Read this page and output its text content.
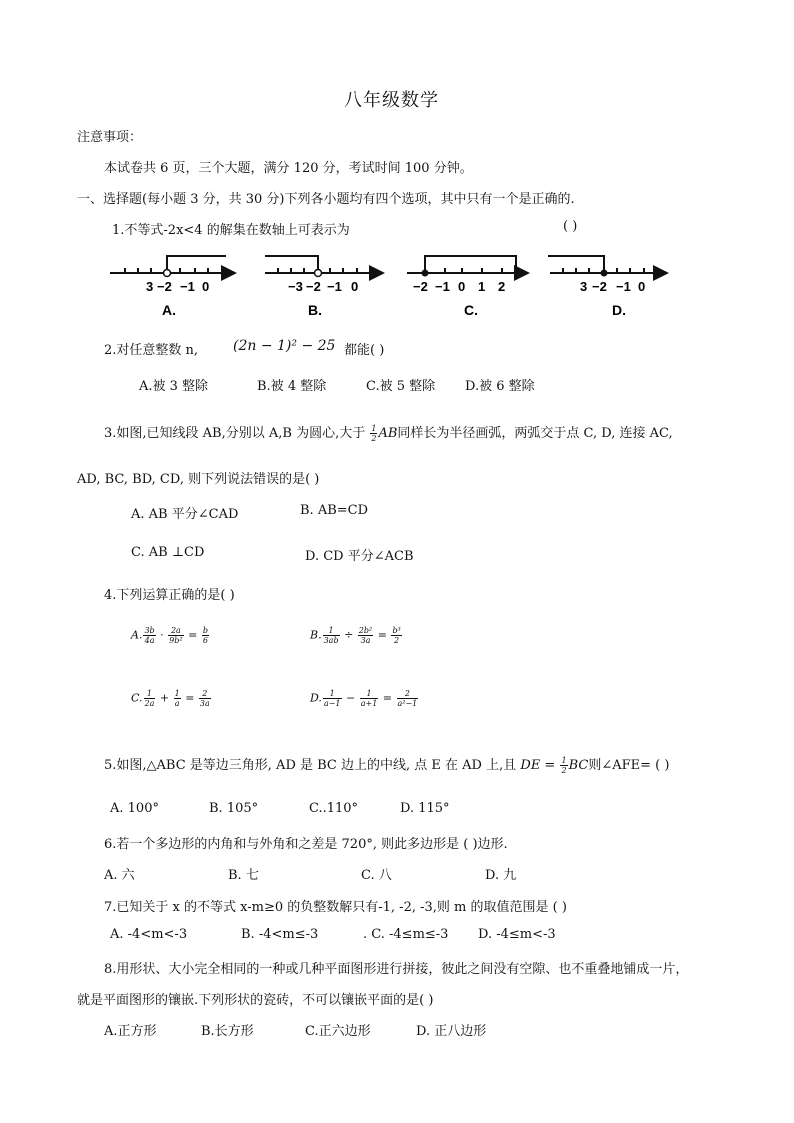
八年级数学
注意事项：
本试卷共 6 页，三个大题，满分 120 分，考试时间 100 分钟。
一、选择题(每小题 3 分，共 30 分)下列各小题均有四个选项，其中只有一个是正确的.
1.不等式-2x<4 的解集在数轴上可表示为	( )
3 −2 −1 0
A.
−3 −2 −1 0
B.
−2 −1 0 1 2
C.
3 −2 −1 0
D.
2.对任意整数 n, (2n − 1)² − 25 都能( )
A.被 3 整除	B.被 4 整除	C.被 5 整除 D.被 6 整除
3.如图,已知线段 AB,分别以 A,B 为圆心,大于 $\frac{1}{2}$ AB同样长为半径画弧，两弧交于点 C, D, 连接 AC,
AD, BC, BD, CD, 则下列说法错误的是( )
A. AB 平分∠CAD	B. AB=CD
C. AB ⊥CD	D. CD 平分∠ACB
4.下列运算正确的是( )
A. $\frac{3b}{4a} \cdot \frac{2a}{\text{9b²}} = \frac{b}{6}$	B. $\frac{1}{3ab} \div \frac{\text{2b²}}{3a} = \frac{\text{b³}}{2}$
C. $\frac{1}{2a} + \frac{1}{a} = \frac{2}{3a}$	D. $\frac{1}{a-1} - \frac{1}{a+1} = \frac{2}{\text{a²−1}}$
5.如图,△ABC 是等边三角形, AD 是 BC 边上的中线, 点 E 在 AD 上,且 DE = $\frac{1}{2}$ BC则∠AFE= ( )
A. 100°	B. 105°	C..110°	D. 115°
6.若一个多边形的内角和与外角和之差是 720°, 则此多边形是 ( )边形.
A. 六	B. 七	C. 八	D. 九
7.已知关于 x 的不等式 x-m≥0 的负整数解只有-1, -2, -3,则 m 的取值范围是 ( )
A. -4<m<-3	B. -4<m≤-3	. C. -4≤m≤-3 D. -4≤m<-3
8.用形状、大小完全相同的一种或几种平面图形进行拼接，彼此之间没有空隙、也不重叠地铺成一片，
就是平面图形的镶嵌.下列形状的瓷砖，不可以镶嵌平面的是( )
A.正方形	B.长方形	C.正六边形	D. 正八边形
